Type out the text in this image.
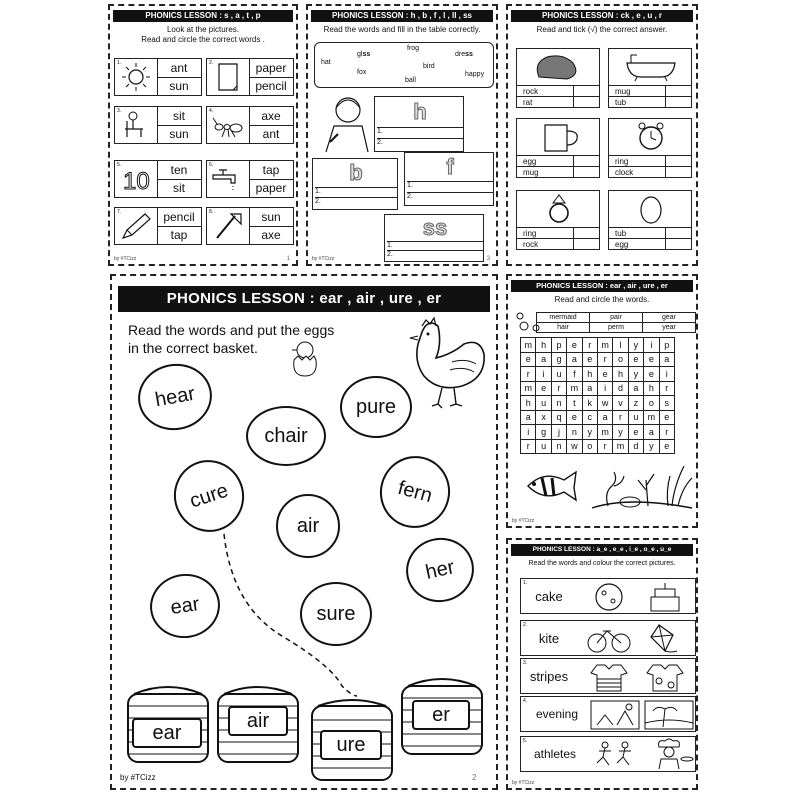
PHONICS LESSON : s , a , t , p
Look at the pictures.
Read and circle the correct words .
1.	ant
sun
2.	paper
pencil
3.	sit
sun
4.	axe
ant
10
5.	ten
sit
6.	tap
paper
7.	pencil
tap
8.	sun
axe
by #TCizz	1
PHONICS LESSON : h , b , f , l , ll , ss
Read the words and fill in the table correctly.
hat
glss
frog
dress
bird
fox
ball
happy
h
1.
2.
b
1.
2.
f
1.
2.
ss
1.
2.
by #TCizz	3
PHONICS LESSON : ck , e , u , r
Read and tick (√) the correct answer.
rock
rat
mug
tub
egg
mug
ring
clock
ring
rock
tub
egg
PHONICS LESSON : ear , air , ure , er
Read the words and put the eggs
in the correct basket.
hear
chair
pure
cure	fern
air
her
ear	sure
ear
air
ure
er
by #TCizz	2
PHONICS LESSON : ear , air , ure , er
Read and circle the words.
mermaid	pair	gear
hair	perm	year
m	h	p	e	r	m	l	y	i	p
e	a	g	a	e	r	o	e	e	a
r	i	u	f	h	e	h	y	e	i
m	e	r	m	a	i	d	a	h	r
h	u	n	t	k	w	v	z	o	s
a	x	q	e	c	a	r	u	m	e
i	g	j	n	y	m	y	e	a	r
r	u	n	w	o	r	m	d	y	e
by #TCizz
PHONICS LESSON : a_e , e_e , i_e , o_e , u_e
Read the words and colour the correct pictures.
1.
cake
2.
kite
3.
stripes
4.
evening
5.
athletes
by #TCizz
